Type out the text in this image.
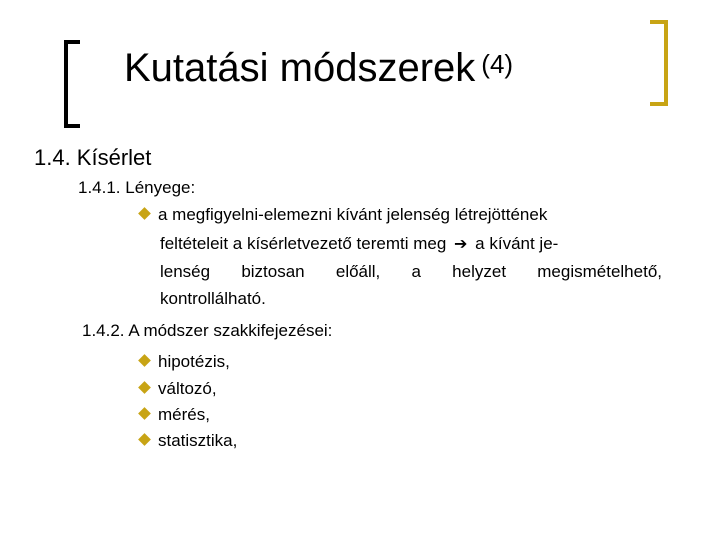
Kutatási módszerek $^{(4)}$
1.4. Kísérlet
1.4.1. Lényege:
a megfigyelni-elemezni kívánt jelenség létrejöttének
feltételeit a kísérletvezető teremti meg ➔ a kívánt je-
lenség biztosan előáll, a helyzet megismételhető,
kontrollálható.
1.4.2. A módszer szakkifejezései:
hipotézis,
változó,
mérés,
statisztika,
